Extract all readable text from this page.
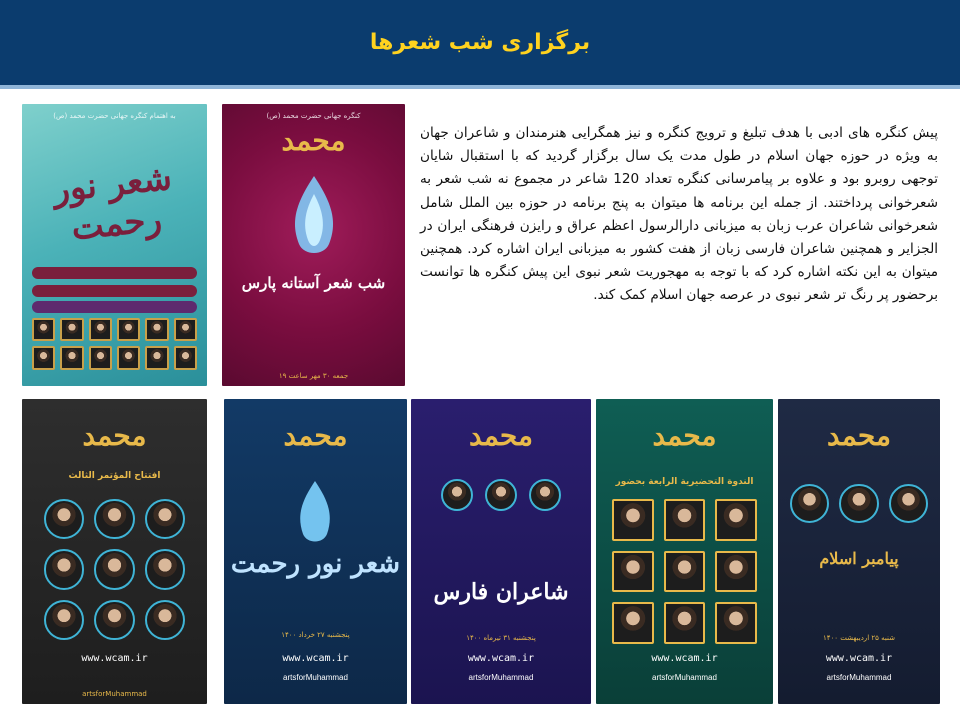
برگزاری شب شعرها

پیش کنگره های ادبی با هدف تبلیغ و ترویج کنگره و نیز همگرایی هنرمندان و شاعران جهان به ویژه در حوزه جهان اسلام در طول مدت یک سال برگزار گردید که با استقبال شایان توجهی روبرو بود و علاوه بر پیامرسانی کنگره تعداد 120 شاعر در مجموع نه شب شعر به شعرخوانی پرداختند. از جمله این برنامه ها میتوان به پنج برنامه در حوزه بین الملل شامل شعرخوانی شاعران عرب زبان به میزبانی دارالرسول اعظم عراق و رایزن فرهنگی ایران در الجزایر و همچنین شاعران فارسی زبان از هفت کشور به میزبانی ایران اشاره کرد. همچنین میتوان به این نکته اشاره کرد که با توجه به مهجوریت شعر نبوی این پیش کنگره ها توانست برحضور پر رنگ تر شعر نبوی در عرصه جهان اسلام کمک کند.

به اهتمام کنگره جهانی حضرت محمد (ص)
شعر نور رحمت
کنگره جهانی حضرت محمد (ص)
محمد
شب شعر آستانه پارس
جمعه ۳۰ مهر ساعت ۱۹
محمد
افتتاح المؤتمر الثالث
www.wcam.ir
artsforMuhammad
محمد
شعر نور رحمت
پنجشنبه ۲۷ خرداد ۱۴۰۰
www.wcam.ir
artsforMuhammad
محمد
شاعران فارس
پنجشنبه ۳۱ تیرماه ۱۴۰۰
www.wcam.ir
artsforMuhammad
محمد
الندوة التحضيرية الرابعة بحضور
www.wcam.ir
artsforMuhammad
محمد
پیامبر اسلام
شنبه ۲۵ اردیبهشت ۱۴۰۰
www.wcam.ir
artsforMuhammad
